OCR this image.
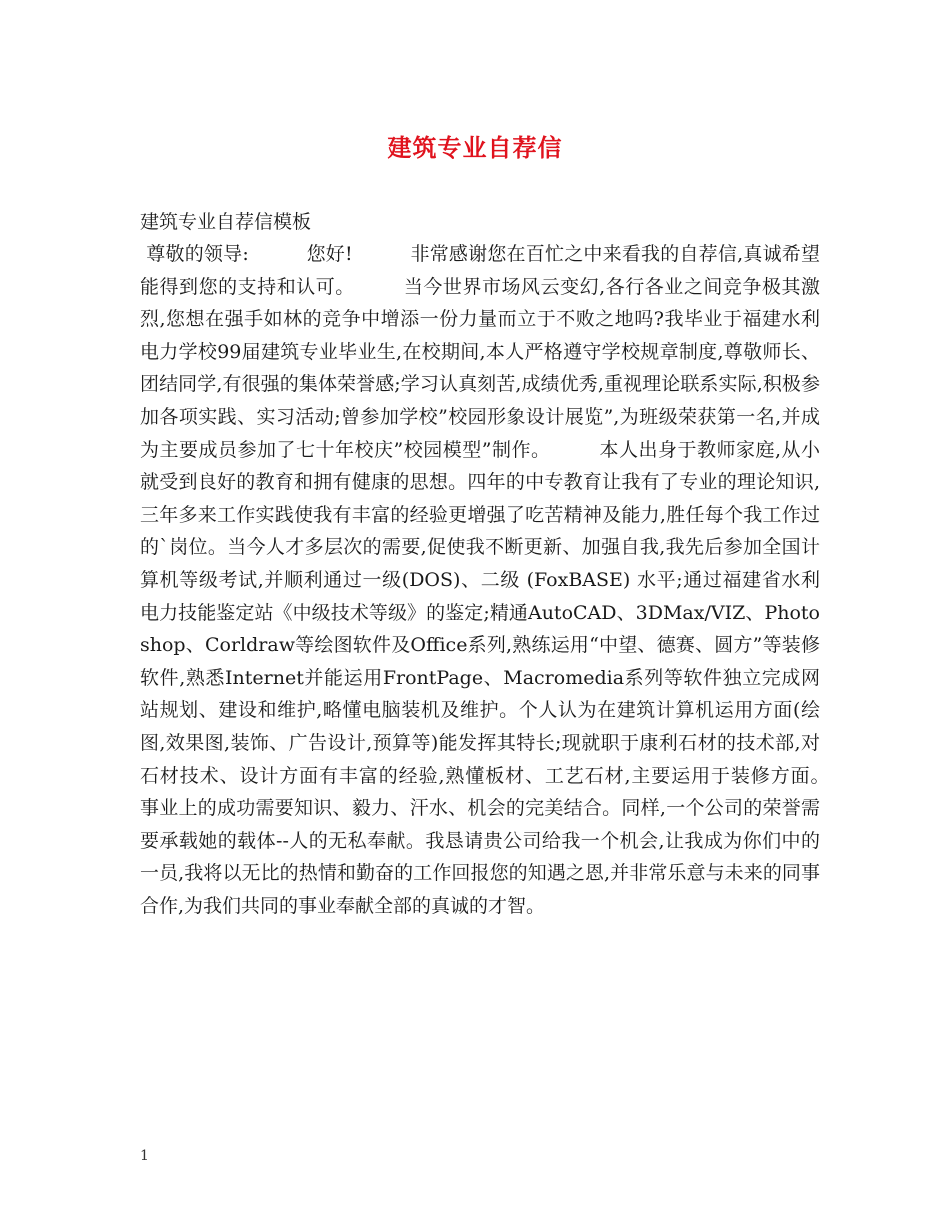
建筑专业自荐信
建筑专业自荐信模板
尊敬的领导:　　　您好!　　　非常感谢您在百忙之中来看我的自荐信,真诚希望能得到您的支持和认可。　　　当今世界市场风云变幻,各行各业之间竞争极其激烈,您想在强手如林的竞争中增添一份力量而立于不败之地吗?我毕业于福建水利电力学校99届建筑专业毕业生,在校期间,本人严格遵守学校规章制度,尊敬师长、团结同学,有很强的集体荣誉感;学习认真刻苦,成绩优秀,重视理论联系实际,积极参加各项实践、实习活动;曾参加学校”校园形象设计展览”,为班级荣获第一名,并成为主要成员参加了七十年校庆”校园模型”制作。　　　本人出身于教师家庭,从小就受到良好的教育和拥有健康的思想。四年的中专教育让我有了专业的理论知识,三年多来工作实践使我有丰富的经验更增强了吃苦精神及能力,胜任每个我工作过的`岗位。当今人才多层次的需要,促使我不断更新、加强自我,我先后参加全国计算机等级考试,并顺利通过一级(DOS)、二级 (FoxBASE) 水平;通过福建省水利电力技能鉴定站《中级技术等级》的鉴定;精通AutoCAD、3DMax/VIZ、Photoshop、Corldraw等绘图软件及Office系列,熟练运用“中望、德赛、圆方”等装修软件,熟悉Internet并能运用FrontPage、Macromedia系列等软件独立完成网站规划、建设和维护,略懂电脑装机及维护。个人认为在建筑计算机运用方面(绘图,效果图,装饰、广告设计,预算等)能发挥其特长;现就职于康利石材的技术部,对石材技术、设计方面有丰富的经验,熟懂板材、工艺石材,主要运用于装修方面。　　　事业上的成功需要知识、毅力、汗水、机会的完美结合。同样,一个公司的荣誉需要承载她的载体--人的无私奉献。我恳请贵公司给我一个机会,让我成为你们中的一员,我将以无比的热情和勤奋的工作回报您的知遇之恩,并非常乐意与未来的同事合作,为我们共同的事业奉献全部的真诚的才智。
1
